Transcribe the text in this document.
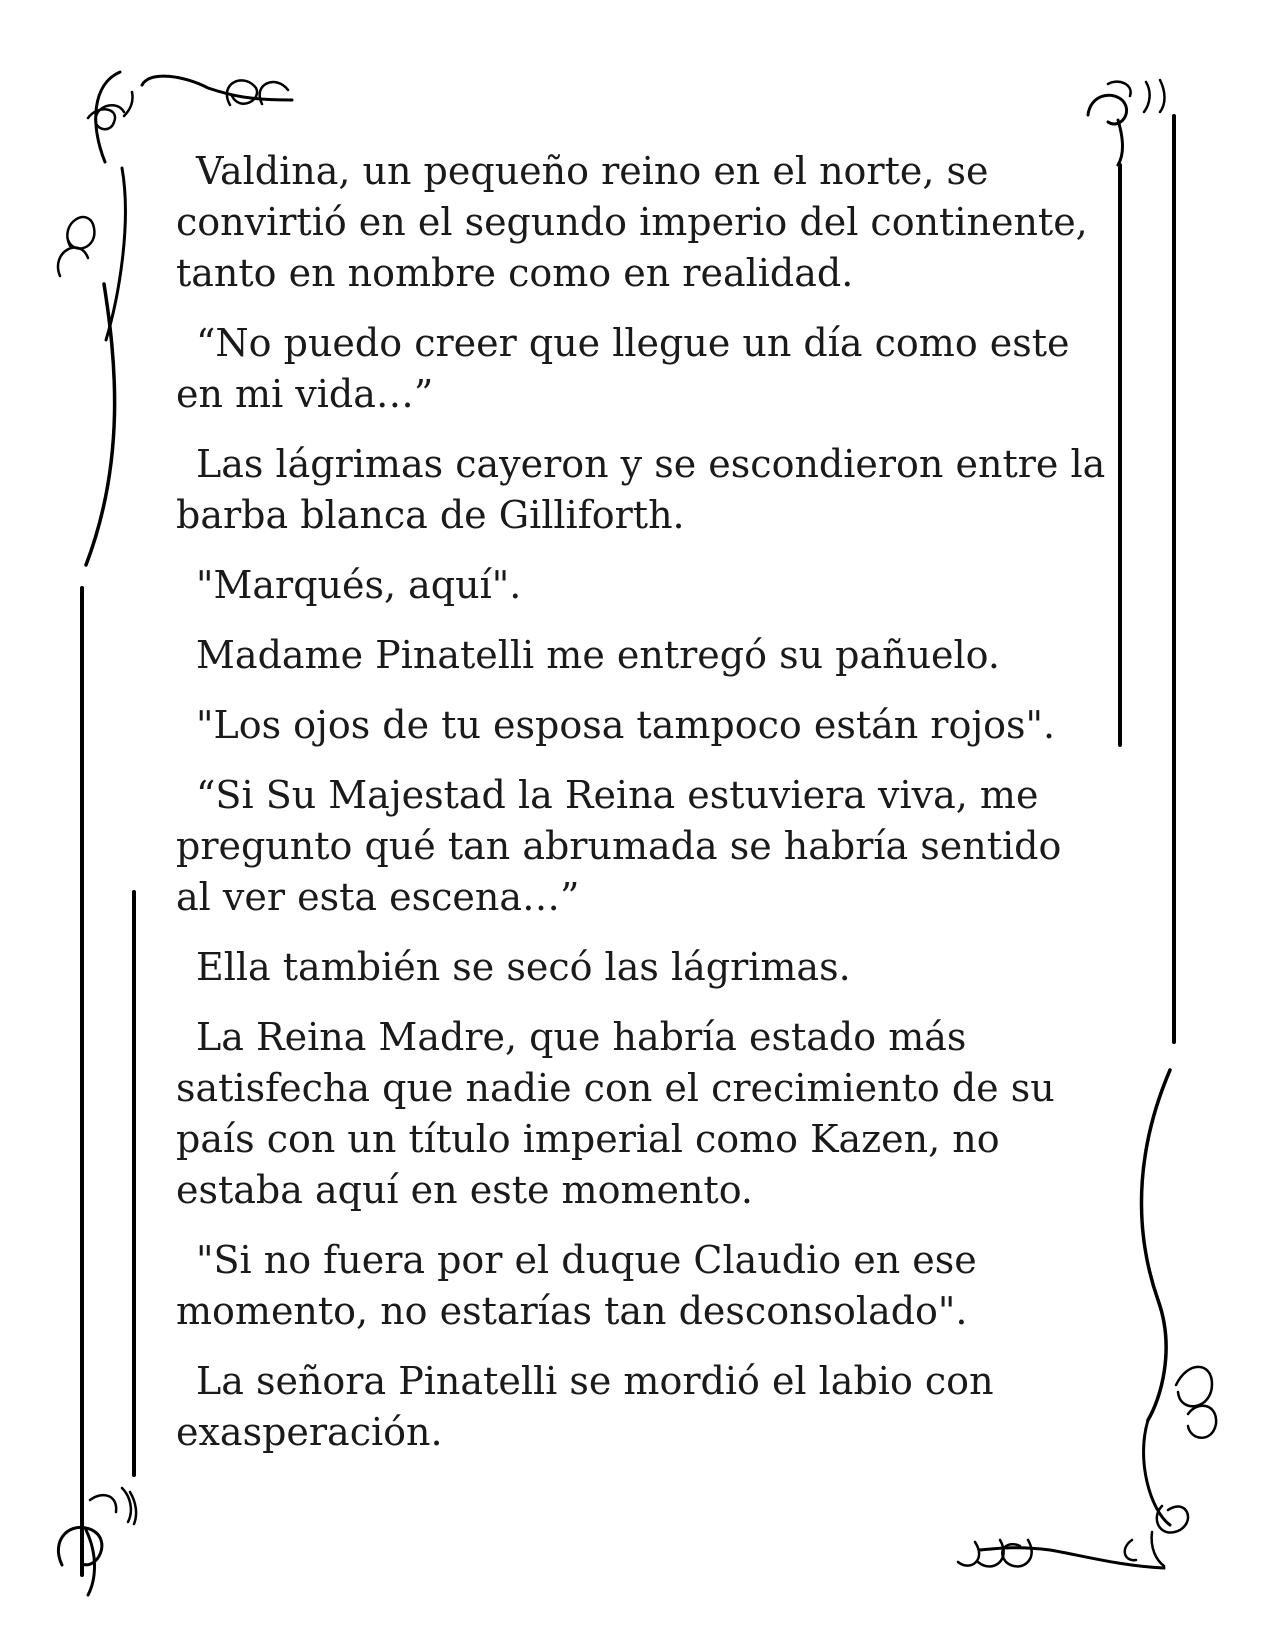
Valdina, un pequeño reino en el norte, se convirtió en el segundo imperio del continente, tanto en nombre como en realidad.

“No puedo creer que llegue un día como este en mi vida…”

Las lágrimas cayeron y se escondieron entre la barba blanca de Gilliforth.

"Marqués, aquí".

Madame Pinatelli me entregó su pañuelo.

"Los ojos de tu esposa tampoco están rojos".

“Si Su Majestad la Reina estuviera viva, me pregunto qué tan abrumada se habría sentido al ver esta escena…”

Ella también se secó las lágrimas.

La Reina Madre, que habría estado más satisfecha que nadie con el crecimiento de su país con un título imperial como Kazen, no estaba aquí en este momento.

"Si no fuera por el duque Claudio en ese momento, no estarías tan desconsolado".

La señora Pinatelli se mordió el labio con exasperación.
